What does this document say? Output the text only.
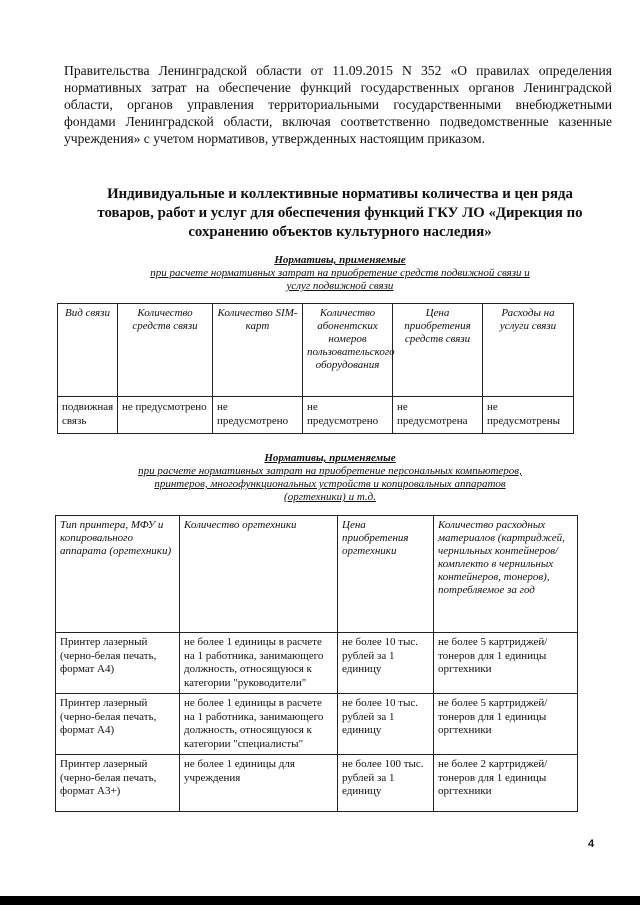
Правительства Ленинградской области от 11.09.2015 N 352 «О правилах определения нормативных затрат на обеспечение функций государственных органов Ленинградской области, органов управления территориальными государственными внебюджетными фондами Ленинградской области, включая соответственно подведомственные казенные учреждения» с учетом нормативов, утвержденных настоящим приказом.

Индивидуальные и коллективные нормативы количества и цен ряда товаров, работ и услуг для обеспечения функций ГКУ ЛО «Дирекция по сохранению объектов культурного наследия»

Нормативы, применяемые
при расчете нормативных затрат на приобретение средств подвижной связи и услуг подвижной связи
Вид связи	Количество средств связи	Количество SIM-карт	Количество абонентских номеров пользовательского оборудования	Цена приобретения средств связи	Расходы на услуги связи
подвижная связь	не предусмотрено	не предусмотрено	не предусмотрено	не предусмотрена	не предусмотрены
Нормативы, применяемые
при расчете нормативных затрат на приобретение персональных компьютеров, принтеров, многофункциональных устройств и копировальных аппаратов (оргтехники) и т.д.
Тип принтера, МФУ и копировального аппарата (оргтехники)	Количество оргтехники	Цена приобретения оргтехники	Количество расходных материалов (картриджей, чернильных контейнеров/комплекто в чернильных контейнеров, тонеров), потребляемое за год
Принтер лазерный (черно-белая печать, формат А4)	не более 1 единицы в расчете на 1 работника, занимающего должность, относящуюся к категории "руководители"	не более 10 тыс. рублей за 1 единицу	не более 5 картриджей/тонеров для 1 единицы оргтехники
Принтер лазерный (черно-белая печать, формат А4)	не более 1 единицы в расчете на 1 работника, занимающего должность, относящуюся к категории "специалисты"	не более 10 тыс. рублей за 1 единицу	не более 5 картриджей/тонеров для 1 единицы оргтехники
Принтер лазерный (черно-белая печать, формат А3+)	не более 1 единицы для учреждения	не более 100 тыс. рублей за 1 единицу	не более 2 картриджей/тонеров для 1 единицы оргтехники
4
